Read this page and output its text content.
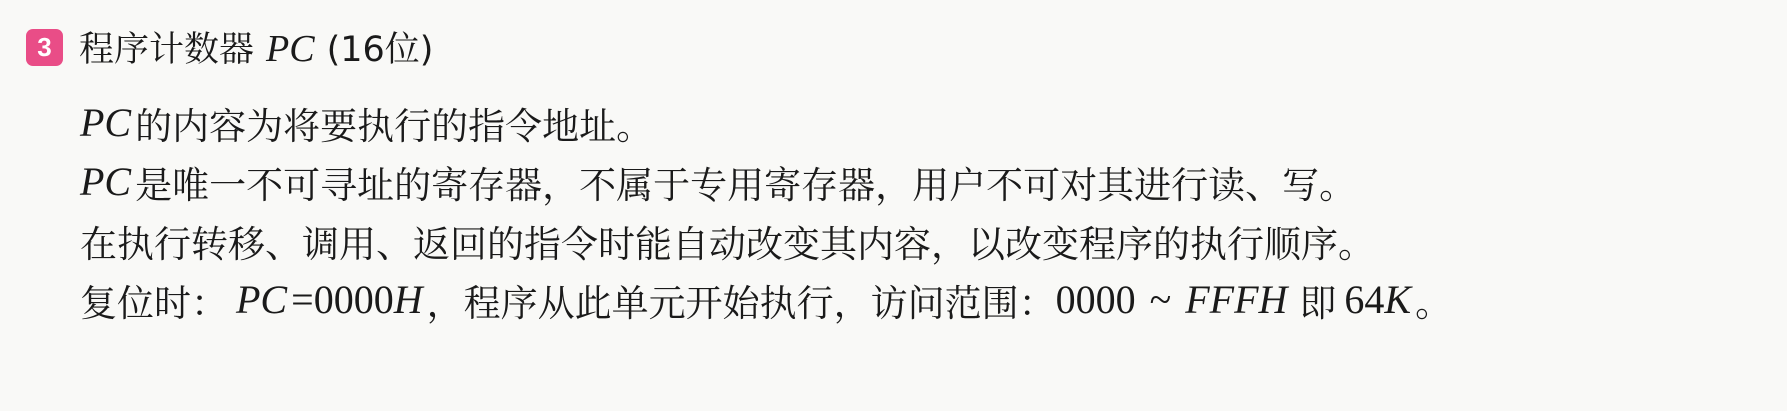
3 程序计数器 PC (16位)
PC 的内容为将要执行的指令地址。
PC 是唯一不可寻址的寄存器，不属于专用寄存器，用户不可对其进行读、写。
在执行转移、调用、返回的指令时能自动改变其内容，以改变程序的执行顺序。
复位时： PC = 0000 H ，程序从此单元开始执行，访问范围： 0000 ~ FFFH 即 64 K 。
